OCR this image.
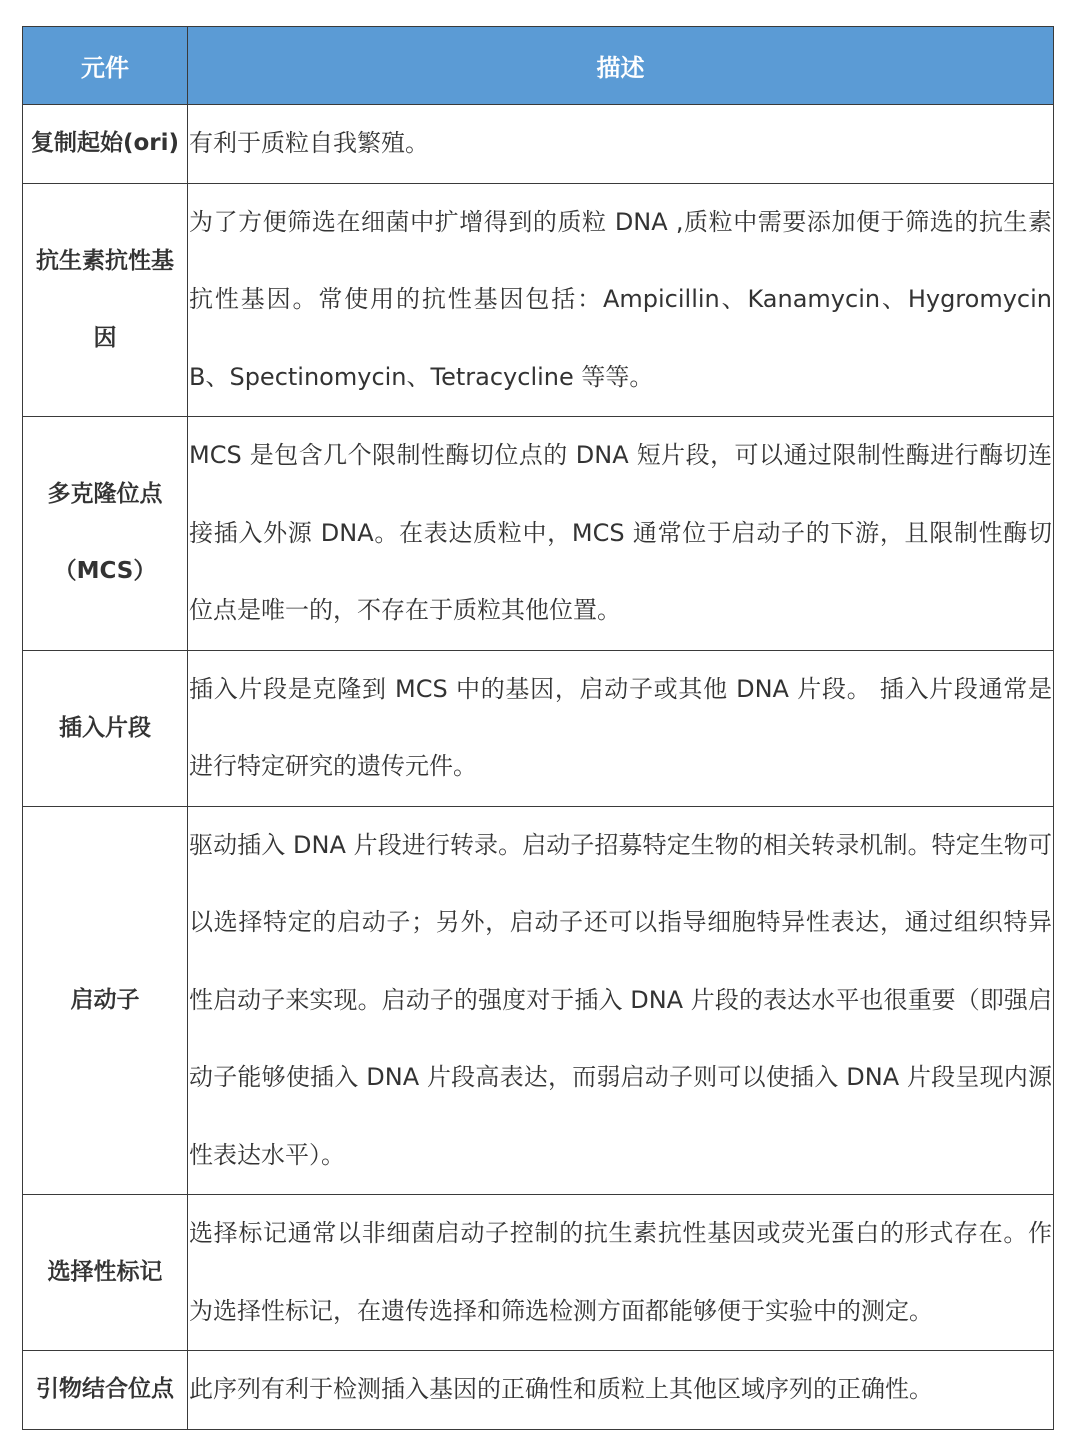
元件	描述
复制起始(ori)	有利于质粒自我繁殖。
抗生素抗性基因	为了方便筛选在细菌中扩增得到的质粒 DNA ,质粒中需要添加便于筛选的抗生素抗性基因。常使用的抗性基因包括：Ampicillin、Kanamycin、Hygromycin B、Spectinomycin、Tetracycline 等等。
多克隆位点（MCS）	MCS 是包含几个限制性酶切位点的 DNA 短片段，可以通过限制性酶进行酶切连接插入外源 DNA。在表达质粒中，MCS 通常位于启动子的下游，且限制性酶切位点是唯一的，不存在于质粒其他位置。
插入片段	插入片段是克隆到 MCS 中的基因，启动子或其他 DNA 片段。 插入片段通常是进行特定研究的遗传元件。
启动子	驱动插入 DNA 片段进行转录。启动子招募特定生物的相关转录机制。特定生物可以选择特定的启动子；另外，启动子还可以指导细胞特异性表达，通过组织特异性启动子来实现。启动子的强度对于插入 DNA 片段的表达水平也很重要（即强启动子能够使插入 DNA 片段高表达，而弱启动子则可以使插入 DNA 片段呈现内源性表达水平）。
选择性标记	选择标记通常以非细菌启动子控制的抗生素抗性基因或荧光蛋白的形式存在。作为选择性标记，在遗传选择和筛选检测方面都能够便于实验中的测定。
引物结合位点	此序列有利于检测插入基因的正确性和质粒上其他区域序列的正确性。
